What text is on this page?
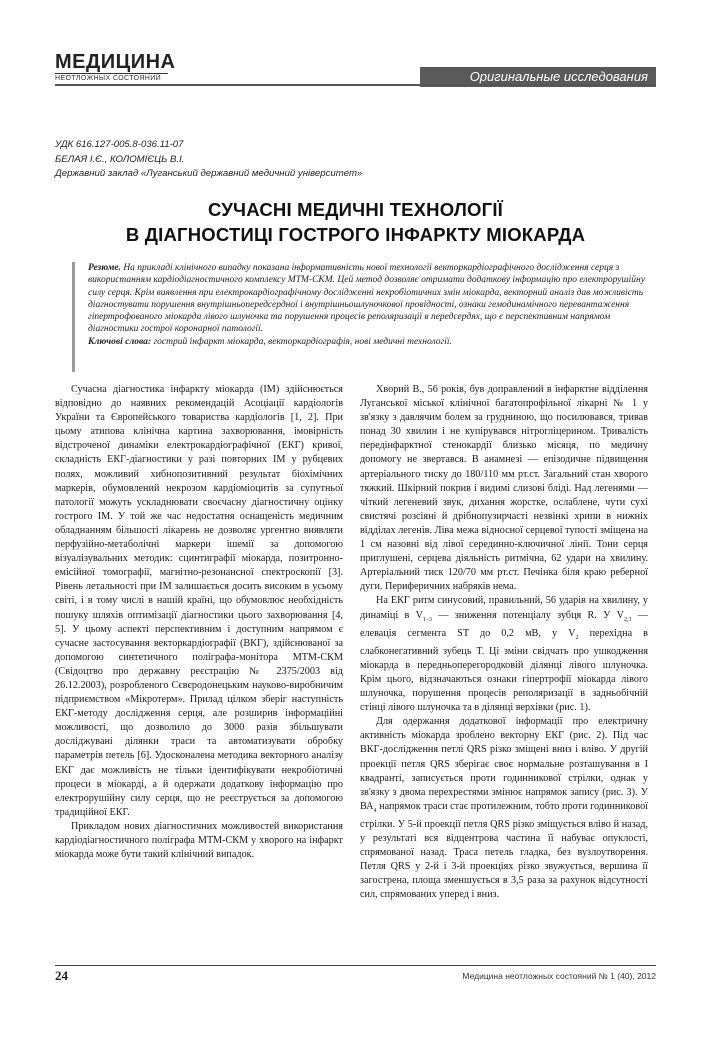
МЕДИЦИНА
НЕОТЛОЖНЫХ СОСТОЯНИЙ	Оригинальные исследования
УДК 616.127-005.8-036.11-07
БЕЛАЯ І.Є., КОЛОМІЄЦЬ В.І.
Державний заклад «Луганський державний медичний університет»
СУЧАСНІ МЕДИЧНІ ТЕХНОЛОГІЇ
В ДІАГНОСТИЦІ ГОСТРОГО ІНФАРКТУ МІОКАРДА
Резюме. На прикладі клінічного випадку показана інформативність нової технології векторкардіографічного дослідження серця з використанням кардіодіагностичного комплексу МТМ-СКМ. Цей метод дозволяє отримати додаткову інформацію про електрорушійну силу серця. Крім виявлення при електрокардіографічному дослідженні некробіотичних змін міокарда, векторний аналіз дав можливість діагностувати порушення внутрішньопередсердної і внутрішньошлуночкової провідності, ознаки гемодинамічного перевантаження гіпертрофованого міокарда лівого шлуночка та порушення процесів реполяризації в передсердях, що є перспективним напрямом діагностики гострої коронарної патології.
Ключові слова: гострий інфаркт міокарда, векторкардіографія, нові медичні технології.

Сучасна діагностика інфаркту міокарда (ІМ) здійснюється відповідно до наявних рекомендацій Асоціації кардіологів України та Європейського товариства кардіологів [1, 2]. При цьому атипова клінічна картина захворювання, імовірність відстроченої динаміки електрокардіографічної (ЕКГ) кривої, складність ЕКГ-діагностики у разі повторних ІМ у рубцевих полях, можливий хибнопозитивний результат біохімічних маркерів, обумовлений некрозом кардіоміоцитів за супутньої патології можуть ускладнювати своєчасну діагностичну оцінку гострого ІМ. У той же час недостатня оснащеність медичним обладнанням більшості лікарень не дозволяє ургентно виявляти перфузійно-метаболічні маркери ішемії за допомогою візуалізувальних методик: сцинтиграфії міокарда, позитронно-емісійної томографії, магнітно-резонансної спектроскопії [3]. Рівень летальності при ІМ залишається досить високим в усьому світі, і в тому числі в нашій країні, що обумовлює необхідність пошуку шляхів оптимізації діагностики цього захворювання [4, 5]. У цьому аспекті перспективним і доступним напрямом є сучасне застосування векторкардіографії (ВКГ), здійснюваної за допомогою синтетичного поліграфа-монітора МТМ-СКМ (Свідоцтво про державну реєстрацію № 2375/2003 від 26.12.2003), розробленого Сєвєродонецьким науково-виробничим підприємством «Мікротерм». Прилад цілком зберіг наступність ЕКГ-методу дослідження серця, але розширив інформаційні можливості, що дозволило до 3000 разів збільшувати досліджувані ділянки траси та автоматизувати обробку параметрів петель [6]. Удосконалена методика векторного аналізу ЕКГ дає можливість не тільки ідентифікувати некробіотичні процеси в міокарді, а й одержати додаткову інформацію про електрорушійну силу серця, що не реєструється за допомогою традиційної ЕКГ.

Прикладом нових діагностичних можливостей використання кардіодіагностичного поліграфа МТМ-СКМ у хворого на інфаркт міокарда може бути такий клінічний випадок.

Хворий В., 56 років, був доправлений в інфарктне відділення Луганської міської клінічної багатопрофільної лікарні № 1 у зв'язку з давлячим болем за грудниною, що посилювався, тривав понад 30 хвилин і не купірувався нітрогліцерином. Тривалість передінфарктної стенокардії близько місяця, по медичну допомогу не звертався. В анамнезі — епізодичне підвищення артеріального тиску до 180/110 мм рт.ст. Загальний стан хворого тяжкий. Шкірний покрив і видимі слизові блідi. Над легенями — чіткий легеневий звук, дихання жорстке, ослаблене, чути сухі свистячі розсіяні й дрібнопузирчасті незвінкі хрипи в нижніх відділах легенів. Ліва межа відносної серцевої тупості зміщена на 1 см назовні від лівої серединно-ключичної лінії. Тони серця приглушені, серцева діяльність ритмічна, 62 удари на хвилину. Артеріальний тиск 120/70 мм рт.ст. Печінка біля краю реберної дуги. Периферичних набряків нема.

На ЕКГ ритм синусовий, правильний, 56 ударів на хвилину, у динаміці в $V_{1-3}$ — зниження потенціалу зубця R. У $V_{2,3}$ — елевація сегмента ST до 0,2 мВ, у $V_2$ перехідна в слабконегативний зубець T. Ці зміни свідчать про ушкодження міокарда в передньоперегородковій ділянці лівого шлуночка. Крім цього, відзначаються ознаки гіпертрофії міокарда лівого шлуночка, порушення процесів реполяризації в задньобічній стінці лівого шлуночка та в ділянці верхівки (рис. 1).

Для одержання додаткової інформації про електричну активність міокарда зроблено векторну ЕКГ (рис. 2). Під час ВКГ-дослідження петлі QRS різко зміщені вниз і вліво. У другій проекції петля QRS зберігає своє нормальне розташування в I квадранті, записується проти годинникової стрілки, однак у зв'язку з двома перехрестями змінює напрямок запису (рис. 3). У $ВА_4$ напрямок траси стає протилежним, тобто проти годинникової стрілки. У 5-й проекції петля QRS різко зміщується вліво й назад, у результаті вся відцентрова частина її набуває опуклості, спрямованої назад. Траса петель гладка, без вузлоутворення. Петля QRS у 2-й і 3-й проекціях різко звужується, вершина її загострена, площа зменшується в 3,5 раза за рахунок відсутності сил, спрямованих уперед і вниз.

24	Медицина неотложных состояний № 1 (40), 2012
